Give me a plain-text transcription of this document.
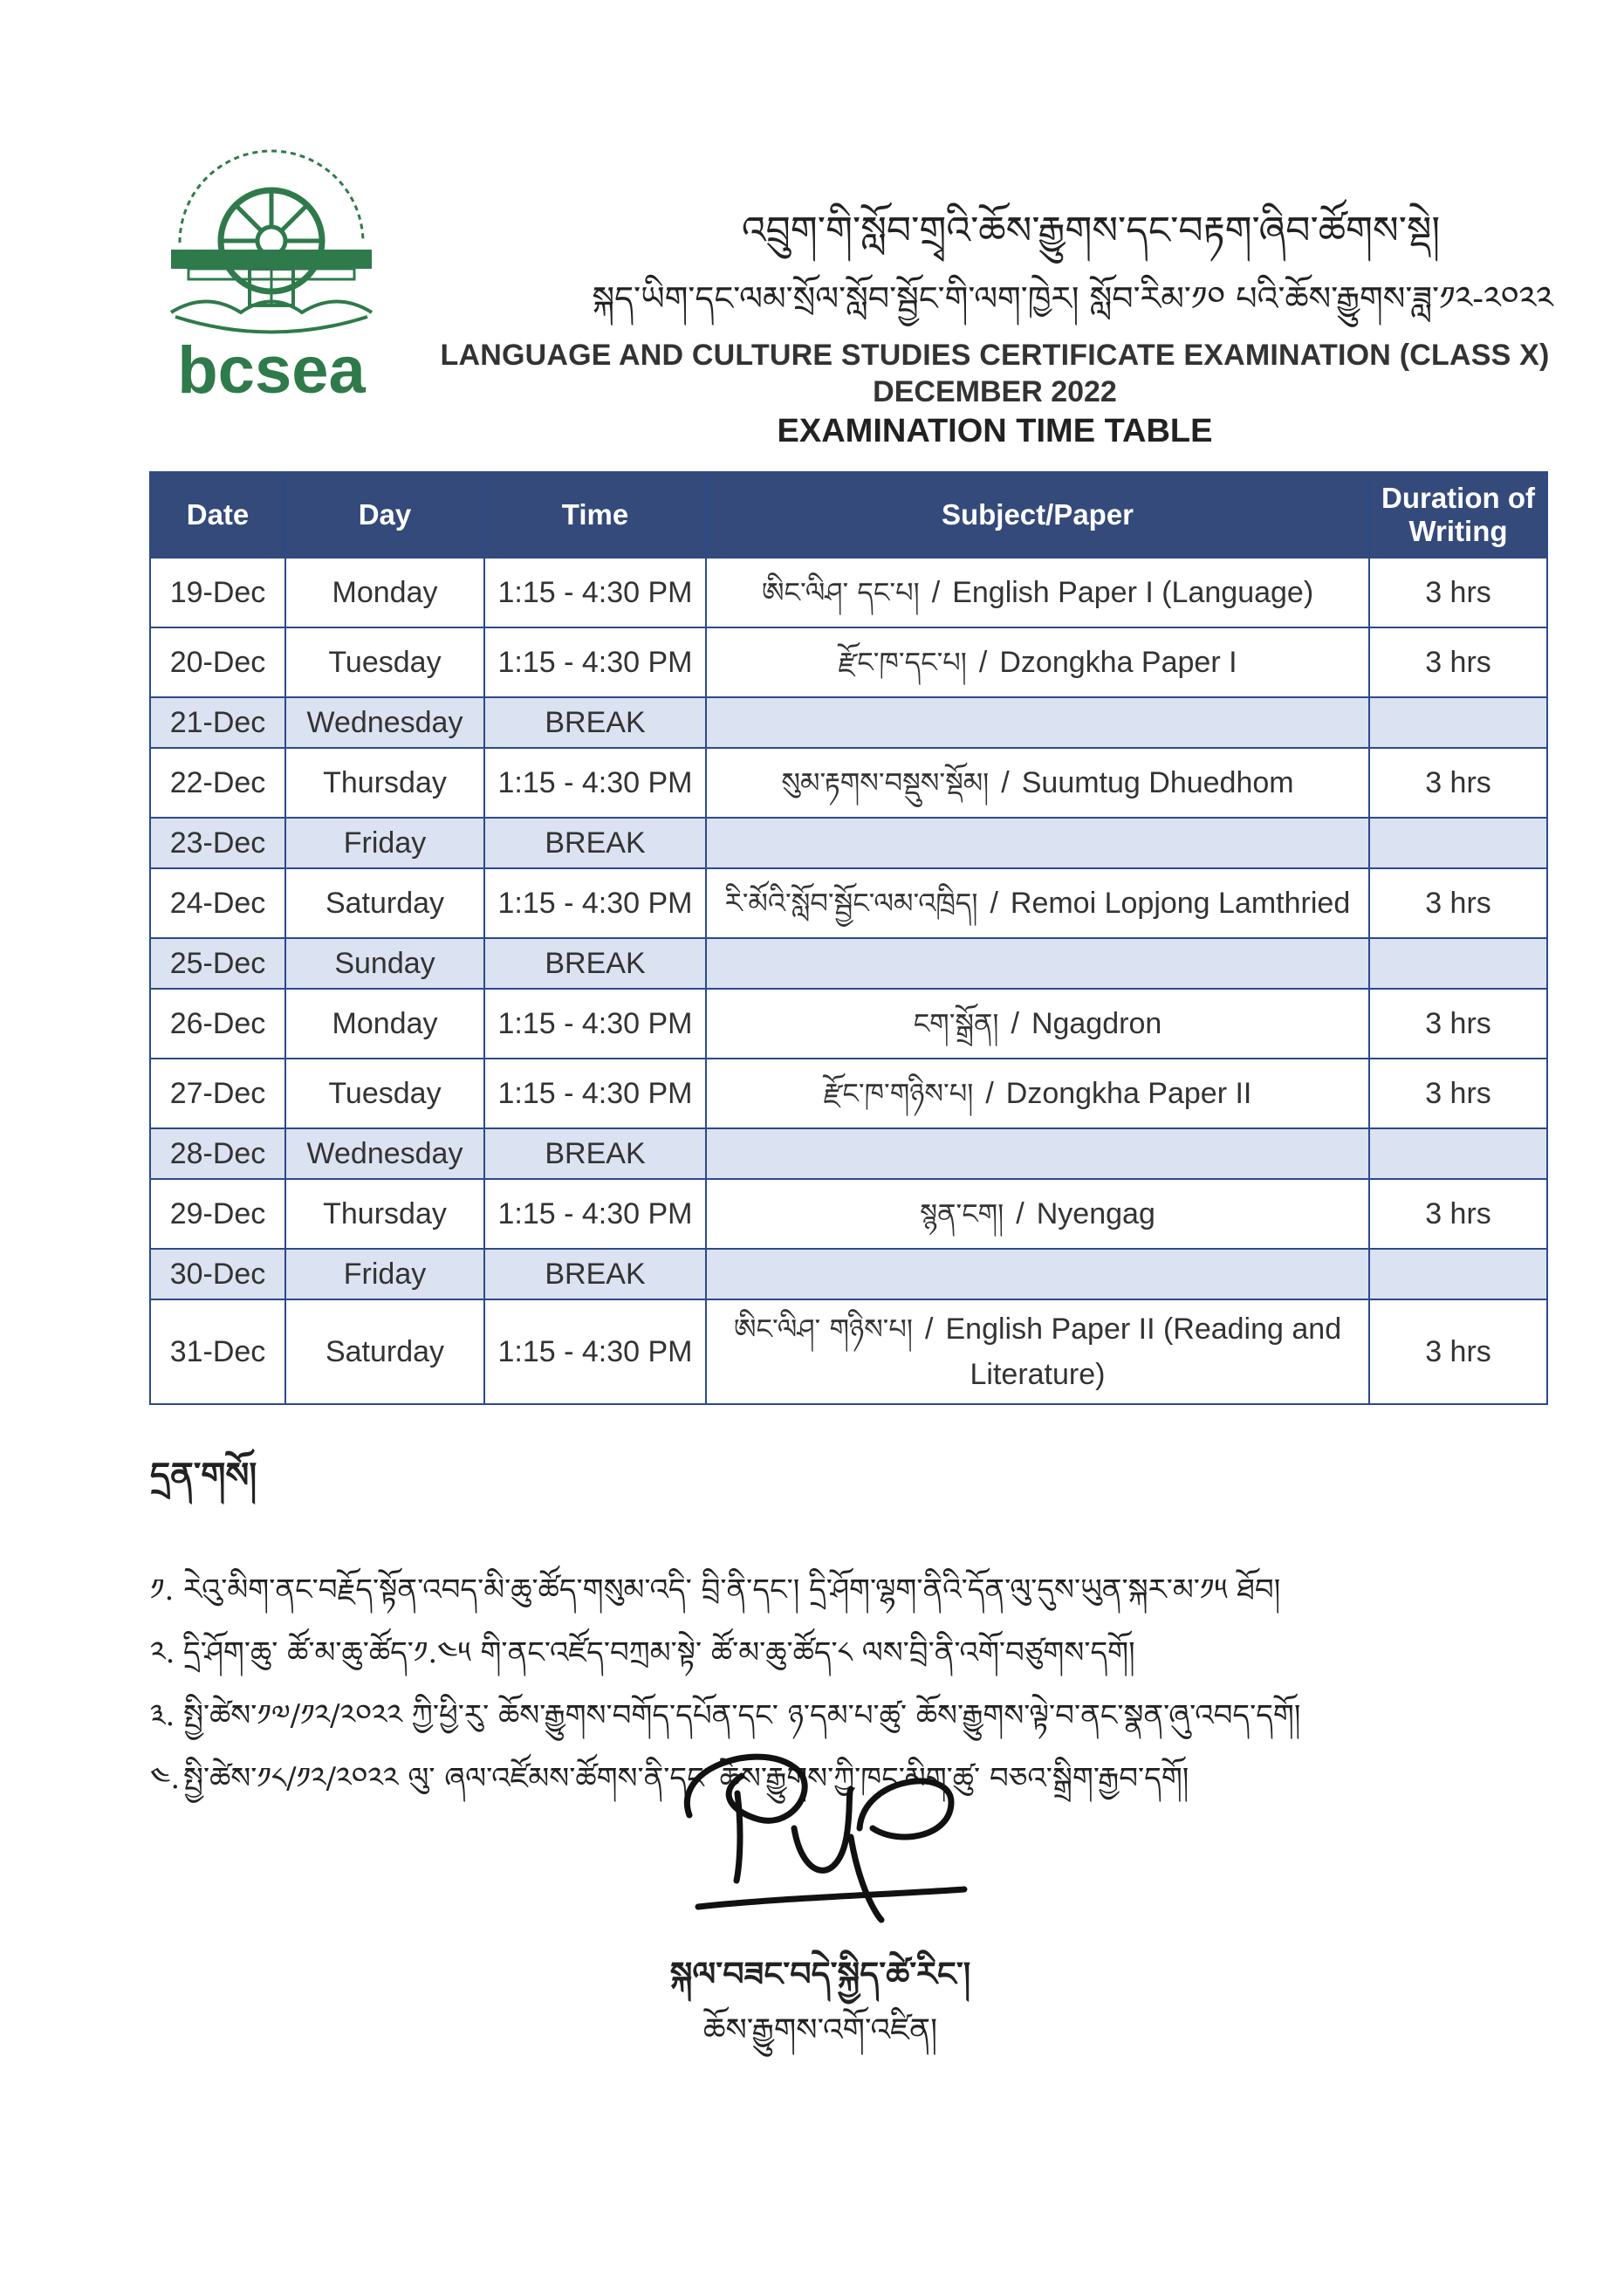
bcsea
འབྲུག་གི་སློབ་གྲྭའི་ཆོས་རྒྱུགས་དང་བརྟག་ཞིབ་ཚོགས་སྡེ།
སྐད་ཡིག་དང་ལམ་སྲོལ་སློབ་སྦྱོང་གི་ལག་ཁྱེར། སློབ་རིམ་༡༠ པའི་ཆོས་རྒྱུགས་ཟླ་༡༢-༢༠༢༢
LANGUAGE AND CULTURE STUDIES CERTIFICATE EXAMINATION (CLASS X)
DECEMBER 2022
EXAMINATION TIME TABLE
Date	Day	Time	Subject/Paper	Duration of Writing
19-Dec	Monday	1:15 - 4:30 PM	ཨིང་ལིཤ་ དང་པ། / English Paper I (Language)	3 hrs
20-Dec	Tuesday	1:15 - 4:30 PM	རྫོང་ཁ་དང་པ། / Dzongkha Paper I	3 hrs
21-Dec	Wednesday	BREAK		
22-Dec	Thursday	1:15 - 4:30 PM	སུམ་རྟགས་བསྡུས་སྡོམ། / Suumtug Dhuedhom	3 hrs
23-Dec	Friday	BREAK		
24-Dec	Saturday	1:15 - 4:30 PM	རི་མོའི་སློབ་སྦྱོང་ལམ་འཁྲིད། / Remoi Lopjong Lamthried	3 hrs
25-Dec	Sunday	BREAK		
26-Dec	Monday	1:15 - 4:30 PM	ངག་སྒྲོན། / Ngagdron	3 hrs
27-Dec	Tuesday	1:15 - 4:30 PM	རྫོང་ཁ་གཉིས་པ། / Dzongkha Paper II	3 hrs
28-Dec	Wednesday	BREAK		
29-Dec	Thursday	1:15 - 4:30 PM	སྙན་ངག། / Nyengag	3 hrs
30-Dec	Friday	BREAK		
31-Dec	Saturday	1:15 - 4:30 PM	ཨིང་ལིཤ་ གཉིས་པ། / English Paper II (Reading and
Literature)	3 hrs
དྲན་གསོ།
༡. རེའུ་མིག་ནང་བརྗོད་སྟོན་འབད་མི་ཆུ་ཚོད་གསུམ་འདི་ བྲི་ནི་དང་། དྲི་ཤོག་ལྷག་ནིའི་དོན་ལུ་དུས་ཡུན་སྐར་མ་༡༥ ཐོབ།
༢. དྲི་ཤོག་ཆུ་ ཚོ་མ་ཆུ་ཚོད་༡.༤༥ གི་ནང་འཛོད་བཀྲམ་སྟེ་ ཚོ་མ་ཆུ་ཚོད་༨ ལས་བྲི་ནི་འགོ་བཙུགས་དགོ།
༣. སྤྱི་ཚེས་༡༧/༡༢/༢༠༢༢ ཀྱི་ཕྱི་རུ་ ཆོས་རྒྱུགས་བགོད་དཔོན་དང་ ཉ་དམ་པ་ཚུ་ ཆོས་རྒྱུགས་ལྟེ་བ་ནང་སྣན་ཞུ་འབད་དགོ།
༤. སྤྱི་ཚེས་༡༨/༡༢/༢༠༢༢ ལུ་ ཞལ་འཛོམས་ཚོགས་ནི་དང་ ཆོས་རྒྱུགས་ཀྱི་ཁང་མིག་ཚུ་ བཅའ་སྒྲིག་རྒྱབ་དགོ།
སྐལ་བཟང་བདེ་སྐྱིད་ཚེ་རིང་།
ཆོས་རྒྱུགས་འགོ་འཛིན།
